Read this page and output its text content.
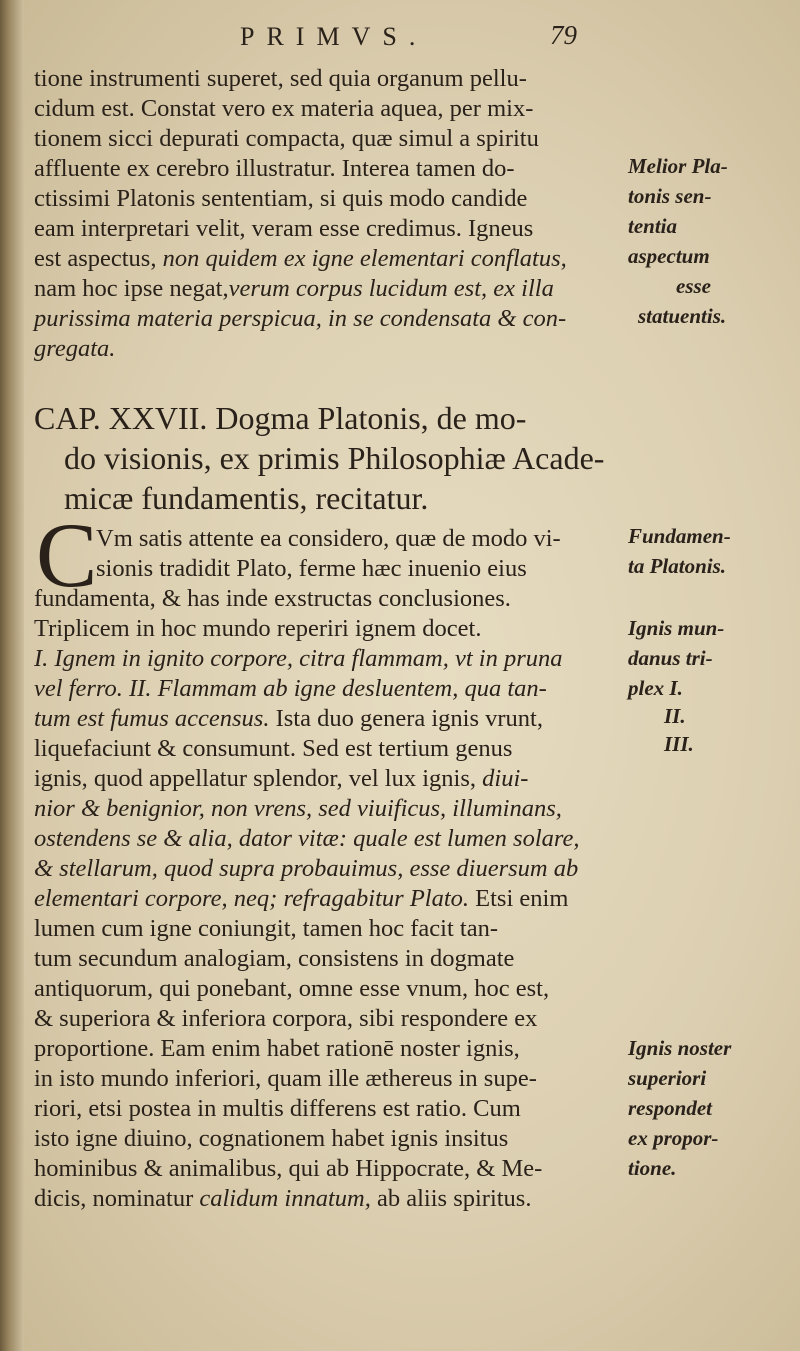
PRIMVS.	79
tione instrumenti superet, sed quia organum pellu-
cidum est. Constat vero ex materia aquea, per mix-
tionem sicci depurati compacta, quæ simul a spiritu
affluente ex cerebro illustratur. Interea tamen do-
ctissimi Platonis sententiam, si quis modo candide
eam interpretari velit, veram esse credimus. Igneus
est aspectus, non quidem ex igne elementari conflatus,
nam hoc ipse negat,verum corpus lucidum est, ex illa
purissima materia perspicua, in se condensata & con-
gregata.
CAP. XXVII. Dogma Platonis, de mo-
do visionis, ex primis Philosophiæ Acade-
micæ fundamentis, recitatur.
Vm satis attente ea considero, quæ de modo vi-
sionis tradidit Plato, ferme hæc inuenio eius
fundamenta, & has inde exstructas conclusiones.
Triplicem in hoc mundo reperiri ignem docet.
I. Ignem in ignito corpore, citra flammam, vt in pruna
vel ferro. II. Flammam ab igne desluentem, qua tan-
tum est fumus accensus. Ista duo genera ignis vrunt,
liquefaciunt & consumunt. Sed est tertium genus
ignis, quod appellatur splendor, vel lux ignis, diui-
nior & benignior, non vrens, sed viuificus, illuminans,
ostendens se & alia, dator vitæ: quale est lumen solare,
& stellarum, quod supra probauimus, esse diuersum ab
elementari corpore, neq; refragabitur Plato. Etsi enim
lumen cum igne coniungit, tamen hoc facit tan-
tum secundum analogiam, consistens in dogmate
antiquorum, qui ponebant, omne esse vnum, hoc est,
& superiora & inferiora corpora, sibi respondere ex
proportione. Eam enim habet rationē noster ignis,
in isto mundo inferiori, quam ille æthereus in supe-
riori, etsi postea in multis differens est ratio. Cum
isto igne diuino, cognationem habet ignis insitus
hominibus & animalibus, qui ab Hippocrate, & Me-
dicis, nominatur calidum innatum, ab aliis spiritus.
C
Melior Pla-
tonis sen-
tentia
aspectum
esse
statuentis.
Fundamen-
ta Platonis.
Ignis mun-
danus tri-
plex I.
II.
III.
Ignis noster
superiori
respondet
ex propor-
tione.
